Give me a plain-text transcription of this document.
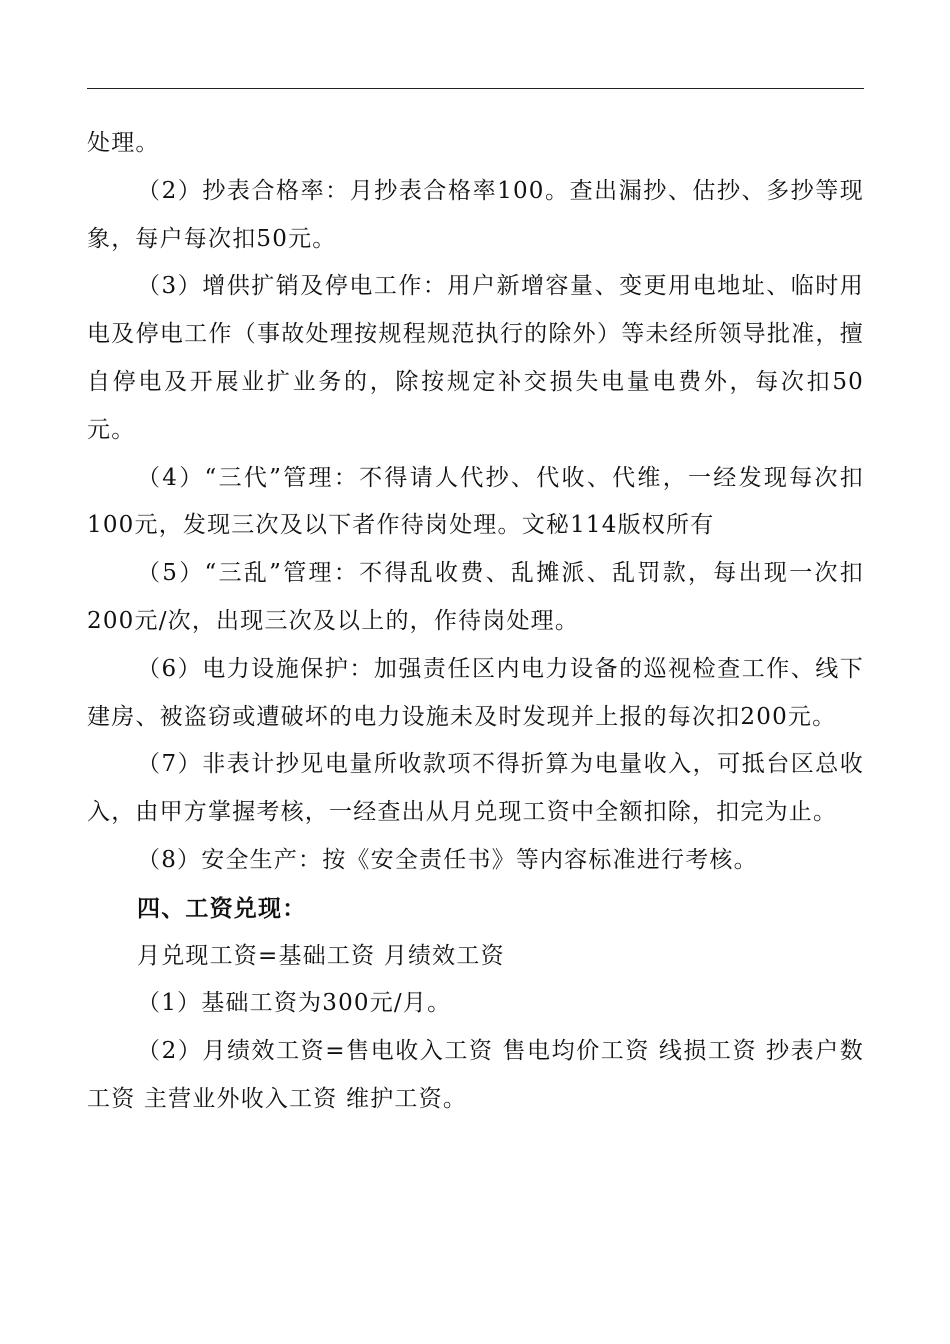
处理。

（2）抄表合格率：月抄表合格率100。查出漏抄、估抄、多抄等现象，每户每次扣50元。

（3）增供扩销及停电工作：用户新增容量、变更用电地址、临时用电及停电工作（事故处理按规程规范执行的除外）等未经所领导批准，擅自停电及开展业扩业务的，除按规定补交损失电量电费外，每次扣50元。

（4）“三代”管理：不得请人代抄、代收、代维，一经发现每次扣100元，发现三次及以下者作待岗处理。文秘114版权所有

（5）“三乱”管理：不得乱收费、乱摊派、乱罚款，每出现一次扣200元/次，出现三次及以上的，作待岗处理。

（6）电力设施保护：加强责任区内电力设备的巡视检查工作、线下建房、被盗窃或遭破坏的电力设施未及时发现并上报的每次扣200元。

（7）非表计抄见电量所收款项不得折算为电量收入，可抵台区总收入，由甲方掌握考核，一经查出从月兑现工资中全额扣除，扣完为止。

（8）安全生产：按《安全责任书》等内容标准进行考核。

四、工资兑现：

月兑现工资=基础工资 月绩效工资

（1）基础工资为300元/月。

（2）月绩效工资=售电收入工资 售电均价工资 线损工资 抄表户数工资 主营业外收入工资 维护工资。
